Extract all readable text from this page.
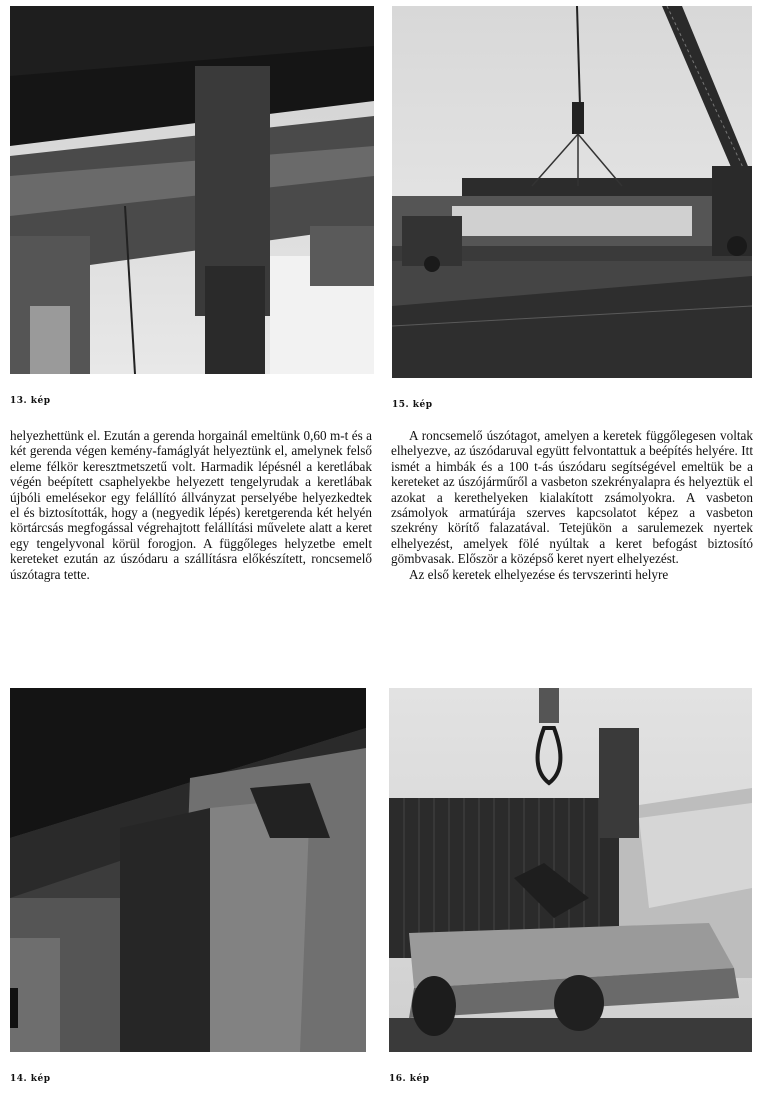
13. kép	15. kép

helyezhettünk el. Ezután a gerenda horgainál emeltünk 0,60 m-t és a két gerenda végen kemény-famáglyát helyeztünk el, amelynek felső eleme félkör keresztmetszetű volt. Harmadik lépésnél a keretlábak végén beépített csaphelyekbe helyezett tengelyrudak a keretlábak újbóli emelésekor egy felállító állványzat perselyébe helyezkedtek el és biztosították, hogy a (negyedik lépés) keretgerenda két helyén körtárcsás megfogással végrehajtott felállítási művelete alatt a keret egy tengelyvonal körül forogjon. A függőleges helyzetbe emelt kereteket ezután az úszódaru a szállításra előkészített, roncsemelő úszótagra tette.

A roncsemelő úszótagot, amelyen a keretek függőlegesen voltak elhelyezve, az úszódaruval együtt felvontattuk a beépítés helyére. Itt ismét a himbák és a 100 t-ás úszódaru segítségével emeltük be a kereteket az úszójárműről a vasbeton szekrényalapra és helyeztük el azokat a kerethelyeken kialakított zsámolyokra. A vasbeton zsámolyok armatúrája szerves kapcsolatot képez a vasbeton szekrény körítő falazatával. Tetejükön a sarulemezek nyertek elhelyezést, amelyek fölé nyúltak a keret befogást biztosító gömbvasak. Először a középső keret nyert elhelyezést.

Az első keretek elhelyezése és tervszerinti helyre

14. kép	16. kép
